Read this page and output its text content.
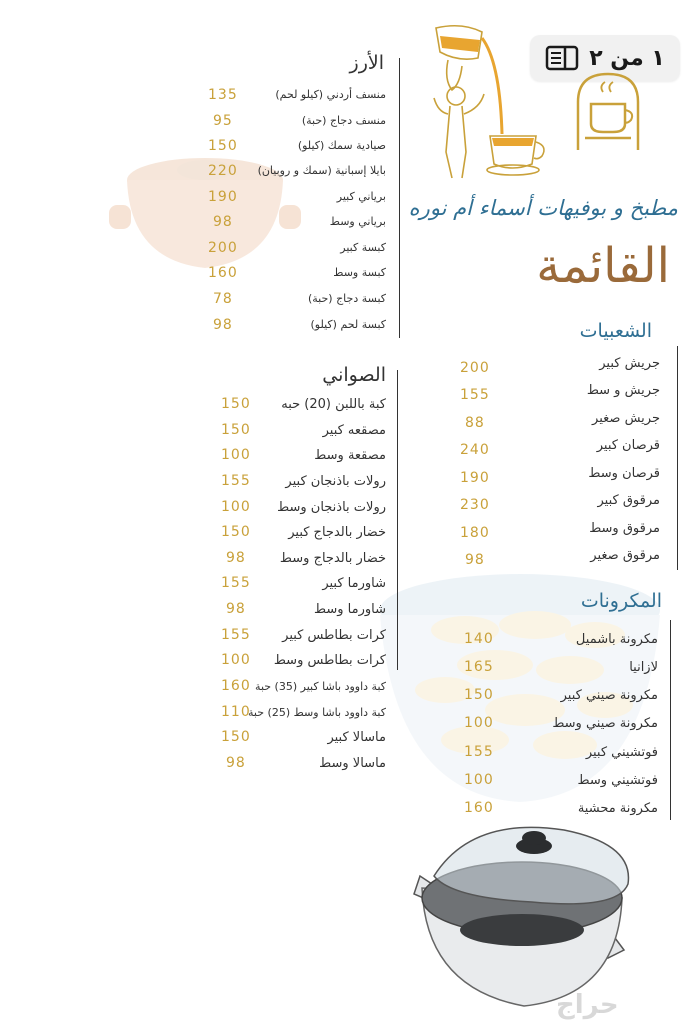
١ من ٢
مطبخ و بوفيهات أسماء أم نوره
القائمة
الأرز
منسف أردني (كيلو لحم)
135
منسف دجاج (حبة)
95
صيادية سمك (كيلو)
150
بايلا إسبانية (سمك و روبيان)
220
برياني كبير
190
برياني وسط
98
كبسة كبير
200
كبسة وسط
160
كبسة دجاج (حبة)
78
كبسة لحم (كيلو)
98
الصواني
كبة باللبن (20) حبه
150
مصقعه كبير
150
مصقعة وسط
100
رولات باذنجان كبير
155
رولات باذنجان وسط
100
خضار بالدجاج كبير
150
خضار بالدجاج وسط
98
شاورما كبير
155
شاورما وسط
98
كرات بطاطس كبير
155
كرات بطاطس وسط
100
كبة داوود باشا كبير (35) حبة
160
كبة داوود باشا وسط (25) حبة
110
ماسالا كبير
150
ماسالا وسط
98
الشعبيات
جريش كبير
200
جريش و سط
155
جريش صغير
88
قرصان كبير
240
قرصان وسط
190
مرقوق كبير
230
مرقوق وسط
180
مرقوق صغير
98
المكرونات
مكرونة باشميل
140
لازانيا
165
مكرونة صيني كبير
150
مكرونة صيني وسط
100
فوتشيني كبير
155
فوتشيني وسط
100
مكرونة محشية
160
حراج
